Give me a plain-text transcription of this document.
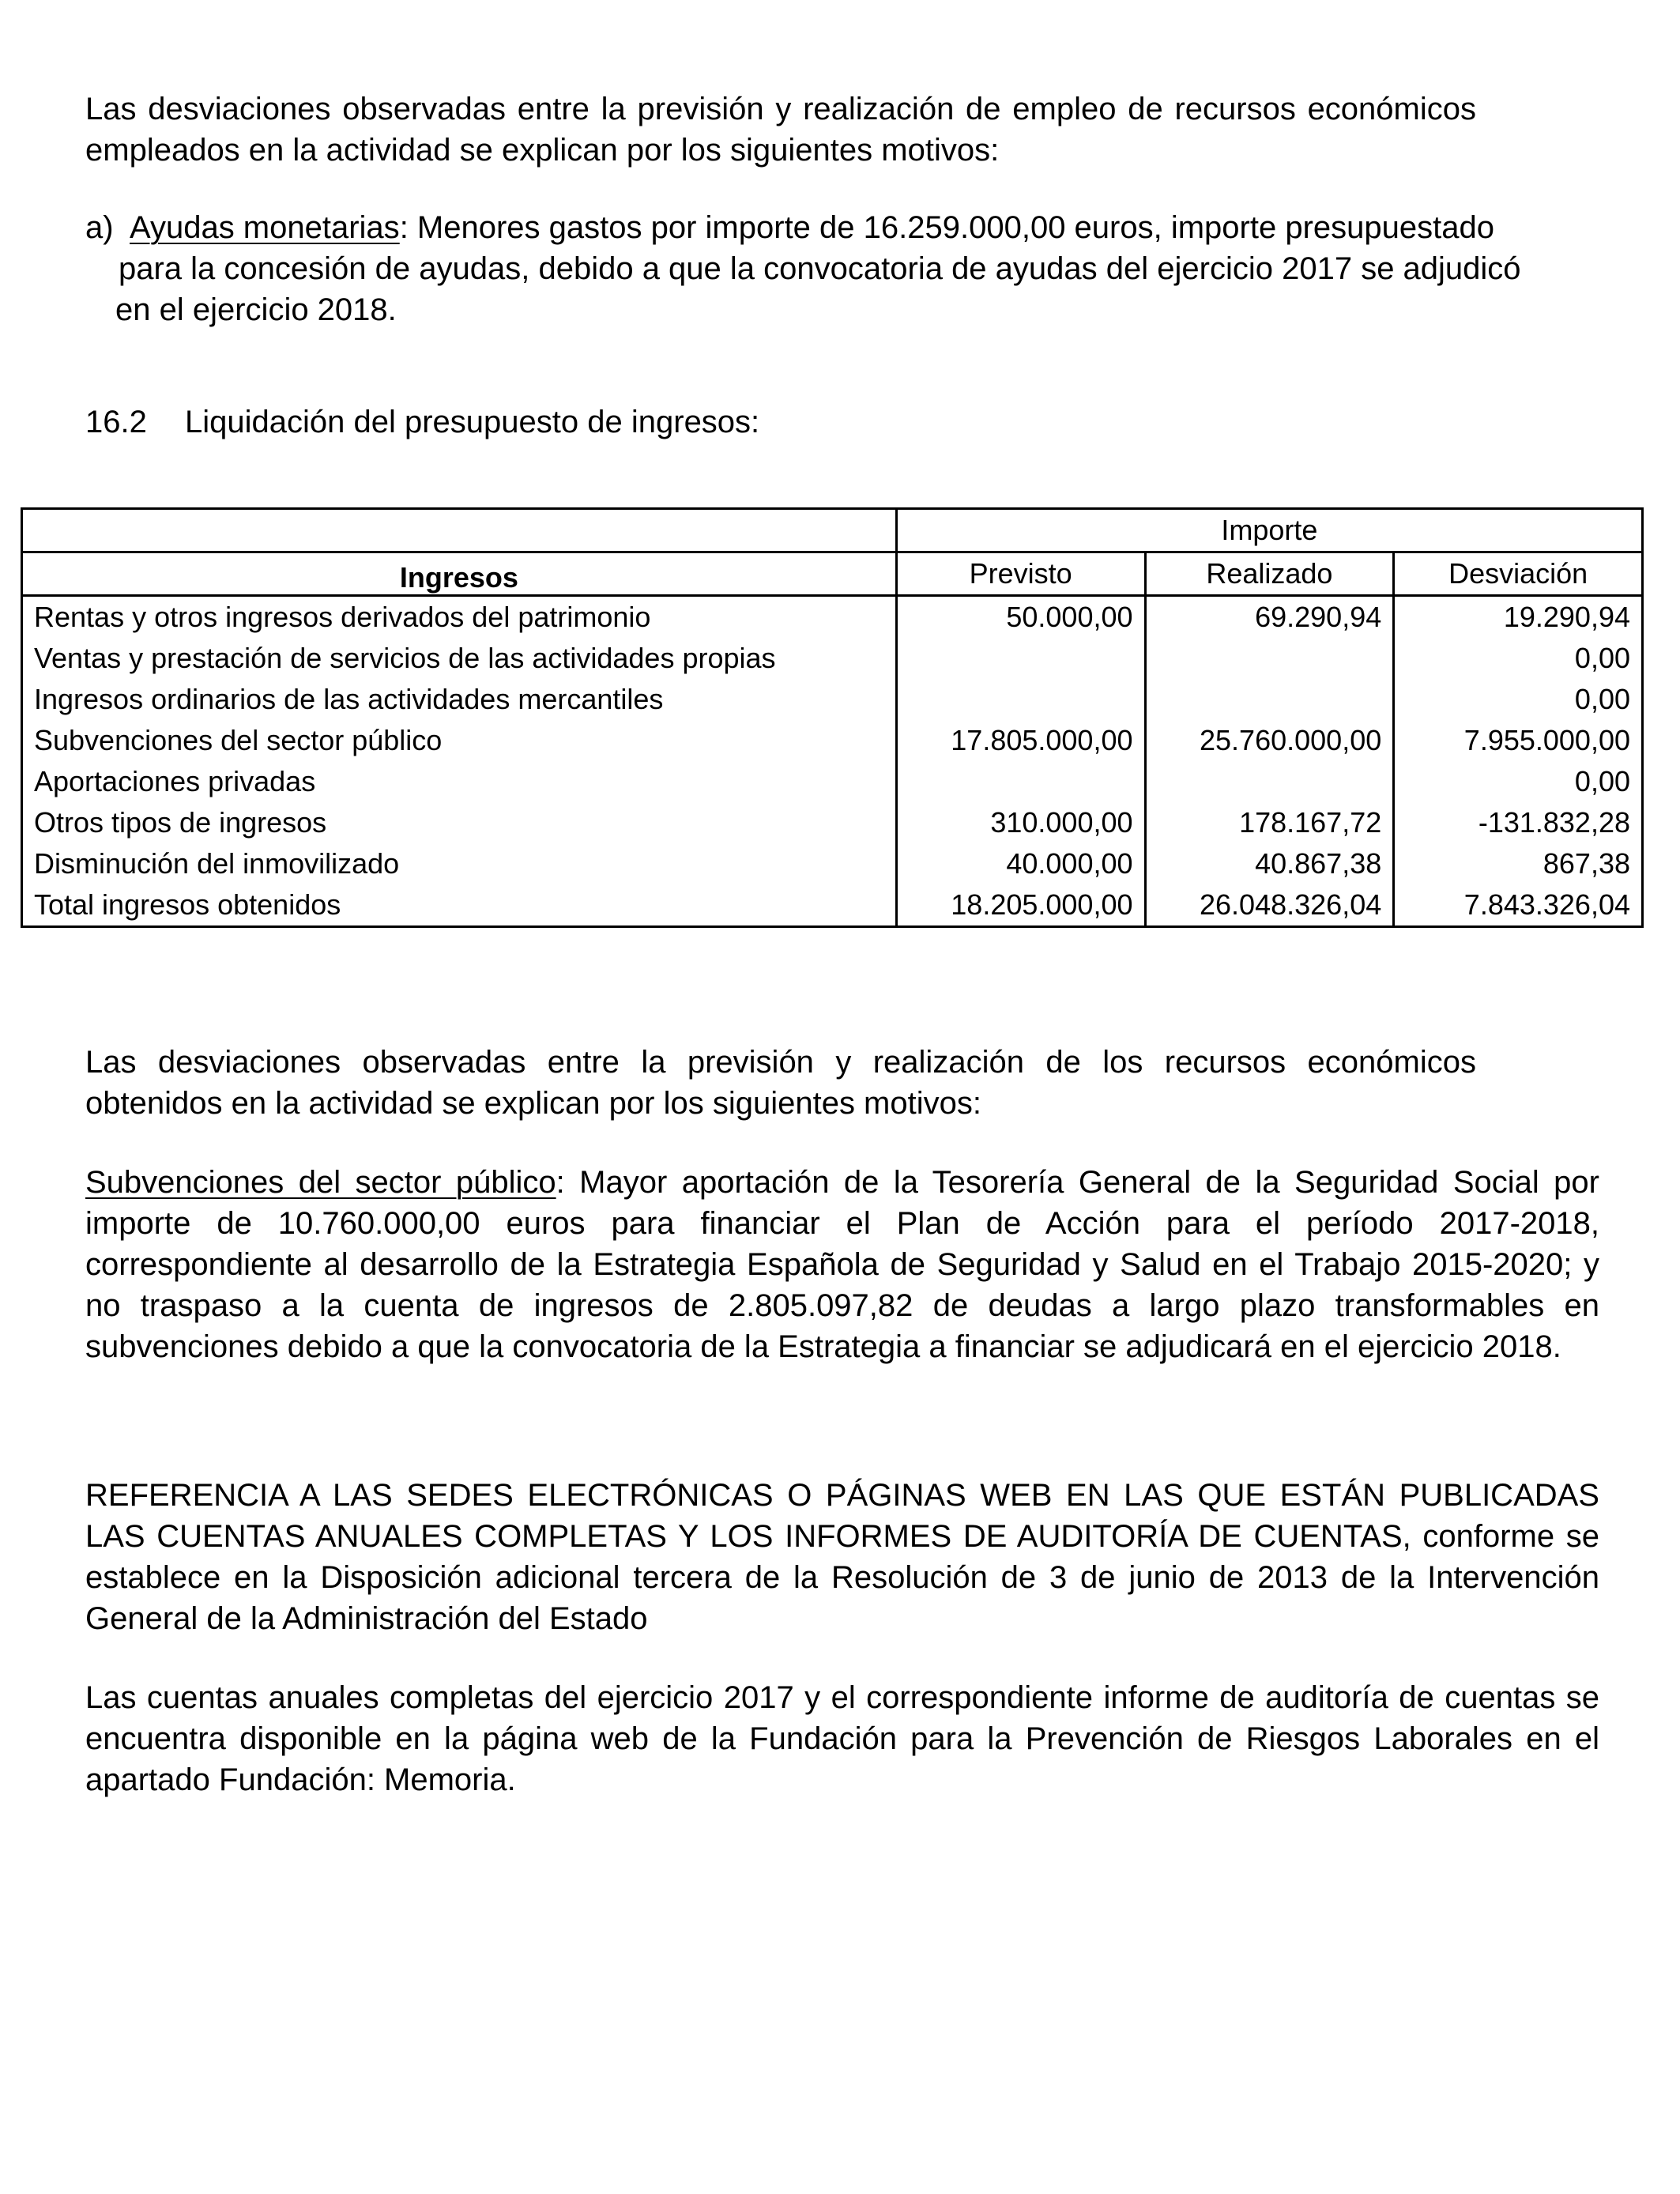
Las desviaciones observadas entre la previsión y realización de empleo de recursos económicos empleados en la actividad se explican por los siguientes motivos:

a) Ayudas monetarias: Menores gastos por importe de 16.259.000,00 euros, importe presupuestado
para la concesión de ayudas, debido a que la convocatoria de ayudas del ejercicio 2017 se adjudicó
en el ejercicio 2018.
16.2 Liquidación del presupuesto de ingresos:
	Importe		
Ingresos	Previsto	Realizado	Desviación
Rentas y otros ingresos derivados del patrimonio	50.000,00	69.290,94	19.290,94
Ventas y prestación de servicios de las actividades propias			0,00
Ingresos ordinarios de las actividades mercantiles			0,00
Subvenciones del sector público	17.805.000,00	25.760.000,00	7.955.000,00
Aportaciones privadas			0,00
Otros tipos de ingresos	310.000,00	178.167,72	-131.832,28
Disminución del inmovilizado	40.000,00	40.867,38	867,38
Total ingresos obtenidos	18.205.000,00	26.048.326,04	7.843.326,04

Las desviaciones observadas entre la previsión y realización de los recursos económicos obtenidos en la actividad se explican por los siguientes motivos:

Subvenciones del sector público: Mayor aportación de la Tesorería General de la Seguridad Social por importe de 10.760.000,00 euros para financiar el Plan de Acción para el período 2017-2018, correspondiente al desarrollo de la Estrategia Española de Seguridad y Salud en el Trabajo 2015-2020; y no traspaso a la cuenta de ingresos de 2.805.097,82 de deudas a largo plazo transformables en subvenciones debido a que la convocatoria de la Estrategia a financiar se adjudicará en el ejercicio 2018.

REFERENCIA A LAS SEDES ELECTRÓNICAS O PÁGINAS WEB EN LAS QUE ESTÁN PUBLICADAS LAS CUENTAS ANUALES COMPLETAS Y LOS INFORMES DE AUDITORÍA DE CUENTAS, conforme se establece en la Disposición adicional tercera de la Resolución de 3 de junio de 2013 de la Intervención General de la Administración del Estado

Las cuentas anuales completas del ejercicio 2017 y el correspondiente informe de auditoría de cuentas se encuentra disponible en la página web de la Fundación para la Prevención de Riesgos Laborales en el apartado Fundación: Memoria.
